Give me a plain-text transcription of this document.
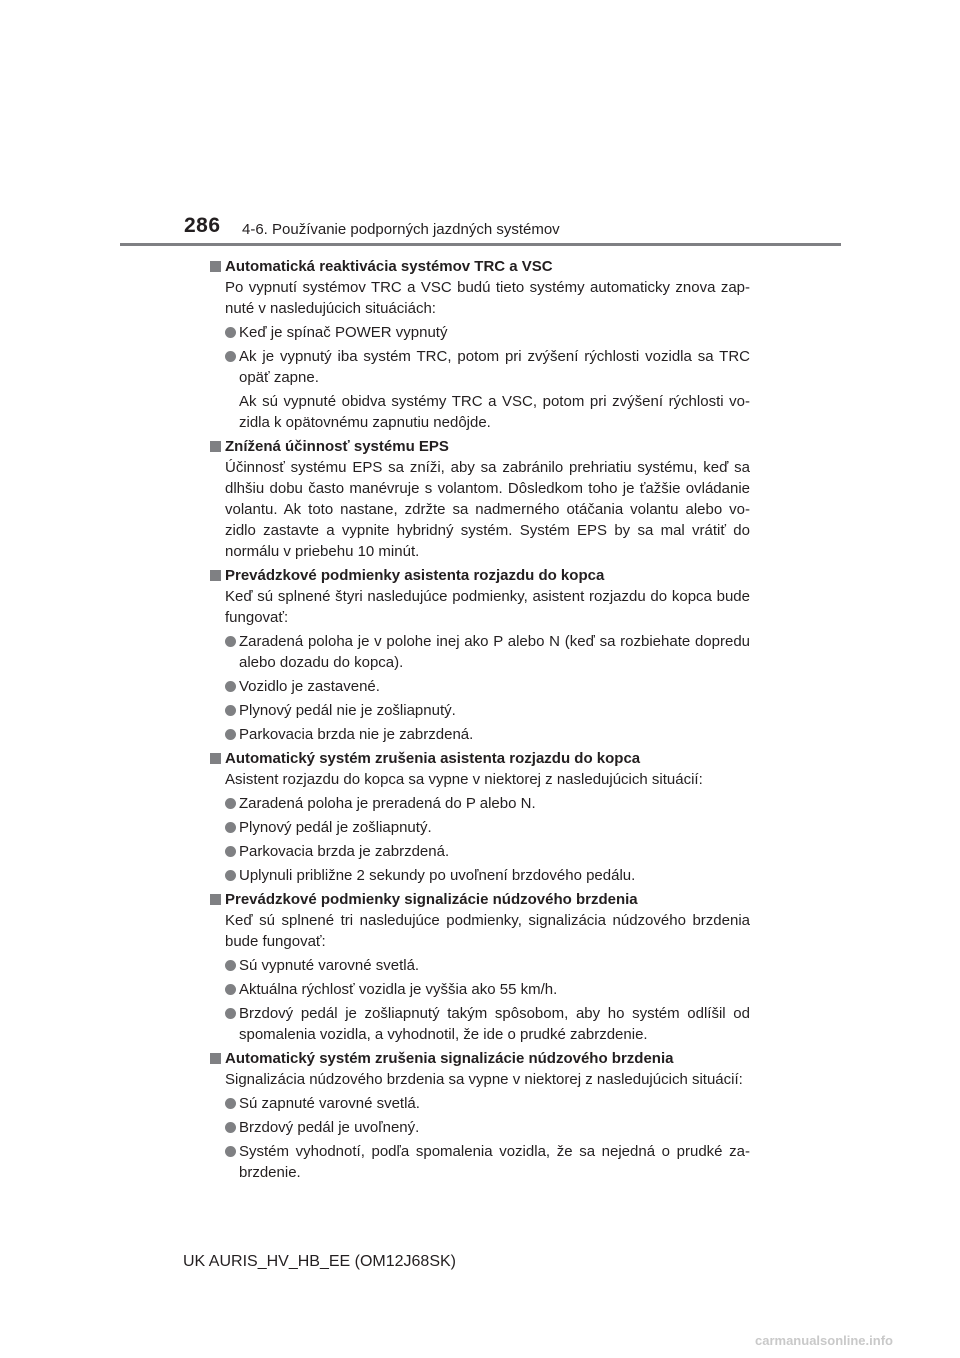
286 4-6. Používanie podporných jazdných systémov
Automatická reaktivácia systémov TRC a VSC
Po vypnutí systémov TRC a VSC budú tieto systémy automaticky znova zap-nuté v nasledujúcich situáciách:
Keď je spínač POWER vypnutý
Ak je vypnutý iba systém TRC, potom pri zvýšení rýchlosti vozidla sa TRC opäť zapne.
Ak sú vypnuté obidva systémy TRC a VSC, potom pri zvýšení rýchlosti vo-zidla k opätovnému zapnutiu nedôjde.
Znížená účinnosť systému EPS
Účinnosť systému EPS sa zníži, aby sa zabránilo prehriatiu systému, keď sa dlhšiu dobu často manévruje s volantom. Dôsledkom toho je ťažšie ovládanie volantu. Ak toto nastane, zdržte sa nadmerného otáčania volantu alebo vo-zidlo zastavte a vypnite hybridný systém. Systém EPS by sa mal vrátiť do normálu v priebehu 10 minút.
Prevádzkové podmienky asistenta rozjazdu do kopca
Keď sú splnené štyri nasledujúce podmienky, asistent rozjazdu do kopca bude fungovať:
Zaradená poloha je v polohe inej ako P alebo N (keď sa rozbiehate dopredu alebo dozadu do kopca).
Vozidlo je zastavené.
Plynový pedál nie je zošliapnutý.
Parkovacia brzda nie je zabrzdená.
Automatický systém zrušenia asistenta rozjazdu do kopca
Asistent rozjazdu do kopca sa vypne v niektorej z nasledujúcich situácií:
Zaradená poloha je preradená do P alebo N.
Plynový pedál je zošliapnutý.
Parkovacia brzda je zabrzdená.
Uplynuli približne 2 sekundy po uvoľnení brzdového pedálu.
Prevádzkové podmienky signalizácie núdzového brzdenia
Keď sú splnené tri nasledujúce podmienky, signalizácia núdzového brzdenia bude fungovať:
Sú vypnuté varovné svetlá.
Aktuálna rýchlosť vozidla je vyššia ako 55 km/h.
Brzdový pedál je zošliapnutý takým spôsobom, aby ho systém odlíšil od spomalenia vozidla, a vyhodnotil, že ide o prudké zabrzdenie.
Automatický systém zrušenia signalizácie núdzového brzdenia
Signalizácia núdzového brzdenia sa vypne v niektorej z nasledujúcich situácií:
Sú zapnuté varovné svetlá.
Brzdový pedál je uvoľnený.
Systém vyhodnotí, podľa spomalenia vozidla, že sa nejedná o prudké za-brzdenie.
UK AURIS_HV_HB_EE (OM12J68SK)
carmanualsonline.info
